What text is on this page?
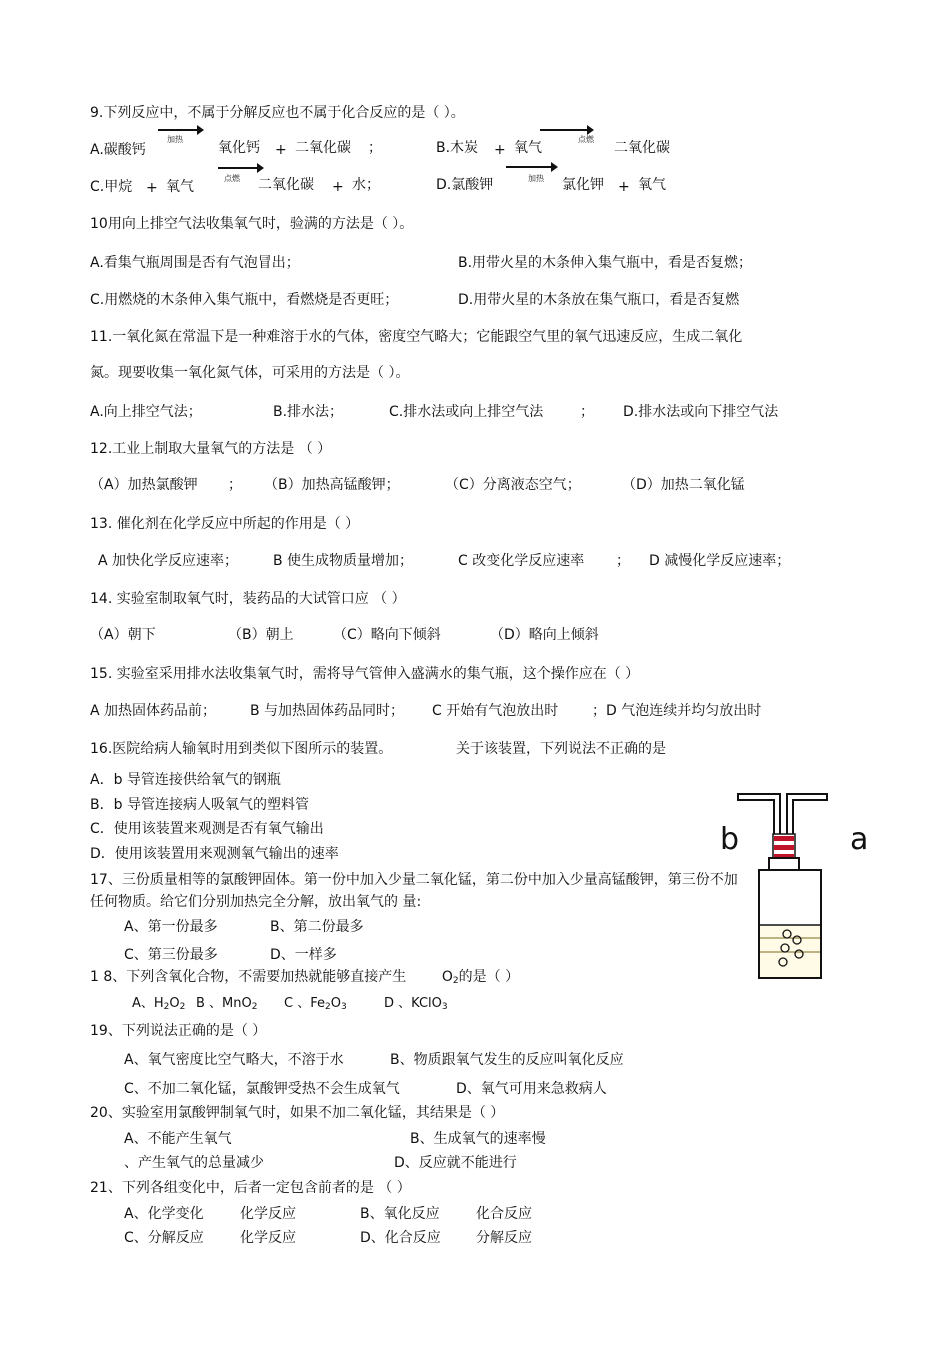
9.下列反应中，不属于分解反应也不属于化合反应的是（ ）。
A.碳酸钙
加热
氧化钙 + 二氧化碳 ；	B.木炭 + 氧气
点燃
二氧化碳
C.甲烷 + 氧气
点燃 二氧化碳 + 水；	D.氯酸钾	加热 氯化钾 + 氧气
10用向上排空气法收集氧气时，验满的方法是（ ）。
A.看集气瓶周围是否有气泡冒出；	B.用带火星的木条伸入集气瓶中，看是否复燃；
C.用燃烧的木条伸入集气瓶中，看燃烧是否更旺；	D.用带火星的木条放在集气瓶口，看是否复燃
11.一氧化氮在常温下是一种难溶于水的气体，密度空气略大；它能跟空气里的氧气迅速反应，生成二氧化
氮。现要收集一氧化氮气体，可采用的方法是（ ）。
A.向上排空气法；	B.排水法；	C.排水法或向上排空气法	； D.排水法或向下排空气法
12.工业上制取大量氧气的方法是 （ ）
（A）加热氯酸钾 ； （B）加热高锰酸钾；	（C）分离液态空气；	（D）加热二氧化锰
13. 催化剂在化学反应中所起的作用是（ ）
A 加快化学反应速率； B 使生成物质量增加；	C 改变化学反应速率 ； D 减慢化学反应速率；
14. 实验室制取氧气时，装药品的大试管口应 （ ）
（A）朝下	（B）朝上	（C）略向下倾斜	（D）略向上倾斜
15. 实验室采用排水法收集氧气时，需将导气管伸入盛满水的集气瓶，这个操作应在（ ）
A 加热固体药品前； B 与加热固体药品同时； C 开始有气泡放出时 ；D 气泡连续并均匀放出时
16.医院给病人输氧时用到类似下图所示的装置。	关于该装置，下列说法不正确的是
A．b 导管连接供给氧气的钢瓶
B．b 导管连接病人吸氧气的塑料管
C．使用该装置来观测是否有氧气输出
D．使用该装置用来观测氧气输出的速率	b	a
17、三份质量相等的氯酸钾固体。第一份中加入少量二氧化锰，第二份中加入少量高锰酸钾，第三份不加
任何物质。给它们分别加热完全分解，放出氧气的 量:
A、第一份最多	B、第二份最多
C、第三份最多	D、一样多
1 8、下列含氧化合物，不需要加热就能够直接产生	$O_2$的是（ ）
A、$H_2O_2$ B 、MnO$_2$ C 、$Fe_2O_3$	D 、KClO$_3$
19、下列说法正确的是（ ）
A、氧气密度比空气略大，不溶于水	B、物质跟氧气发生的反应叫氧化反应
C、不加二氧化锰，氯酸钾受热不会生成氧气	D、氧气可用来急救病人
20、实验室用氯酸钾制氧气时，如果不加二氧化锰，其结果是（ ）
A、不能产生氧气	B、生成氧气的速率慢
、产生氧气的总量减少	D、反应就不能进行
21、下列各组变化中，后者一定包含前者的是 （ ）
A、化学变化	化学反应	B、氧化反应	化合反应
C、分解反应	化学反应	D、化合反应	分解反应
